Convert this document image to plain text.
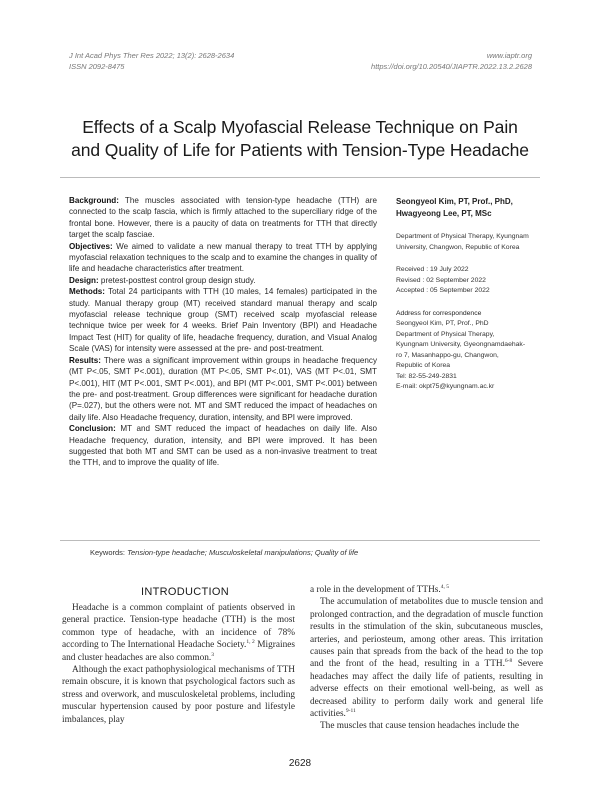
J Int Acad Phys Ther Res 2022; 13(2): 2628-2634
ISSN 2092-8475
www.iaptr.org
https://doi.org/10.20540/JIAPTR.2022.13.2.2628
Effects of a Scalp Myofascial Release Technique on Pain
and Quality of Life for Patients with Tension-Type Headache

Background: The muscles associated with tension-type headache (TTH) are connected to the scalp fascia, which is firmly attached to the superciliary ridge of the frontal bone. However, there is a paucity of data on treatments for TTH that directly target the scalp fasciae.

Objectives: We aimed to validate a new manual therapy to treat TTH by applying myofascial relaxation techniques to the scalp and to examine the changes in quality of life and headache characteristics after treatment.

Design: pretest-posttest control group design study.

Methods: Total 24 participants with TTH (10 males, 14 females) participated in the study. Manual therapy group (MT) received standard manual therapy and scalp myofascial release technique group (SMT) received scalp myofascial release technique twice per week for 4 weeks. Brief Pain Inventory (BPI) and Headache Impact Test (HIT) for quality of life, headache frequency, duration, and Visual Analog Scale (VAS) for intensity were assessed at the pre- and post-treatment.

Results: There was a significant improvement within groups in headache frequency (MT P<.05, SMT P<.001), duration (MT P<.05, SMT P<.01), VAS (MT P<.01, SMT P<.001), HIT (MT P<.001, SMT P<.001), and BPI (MT P<.001, SMT P<.001) between the pre- and post-treatment. Group differences were significant for headache duration (P=.027), but the others were not. MT and SMT reduced the impact of headaches on daily life. Also Headache frequency, duration, intensity, and BPI were improved.

Conclusion: MT and SMT reduced the impact of headaches on daily life. Also Headache frequency, duration, intensity, and BPI were improved. It has been suggested that both MT and SMT can be used as a non-invasive treatment to treat the TTH, and to improve the quality of life.

Keywords: Tension-type headache; Musculoskeletal manipulations; Quality of life
Seongyeol Kim, PT, Prof., PhD,
Hwagyeong Lee, PT, MSc
Department of Physical Therapy, Kyungnam
University, Changwon, Republic of Korea
Received : 19 July 2022
Revised : 02 September 2022
Accepted : 05 September 2022
Address for correspondence
Seongyeol Kim, PT, Prof., PhD
Department of Physical Therapy,
Kyungnam University, Gyeongnamdaehak-
ro 7, Masanhappo-gu, Changwon,
Republic of Korea
Tel: 82-55-249-2831
E-mail: okpt75@kyungnam.ac.kr
INTRODUCTION

Headache is a common complaint of patients observed in general practice. Tension-type headache (TTH) is the most common type of headache, with an incidence of 78% according to The International Headache Society.$^{1, 2}$ Migraines and cluster headaches are also common.$^3$

Although the exact pathophysiological mechanisms of TTH remain obscure, it is known that psychological factors such as stress and overwork, and musculoskeletal problems, including muscular hypertension caused by poor posture and lifestyle imbalances, play

a role in the development of TTHs.$^{4, 5}$

The accumulation of metabolites due to muscle tension and prolonged contraction, and the degradation of muscle function results in the stimulation of the skin, subcutaneous muscles, arteries, and periosteum, among other areas. This irritation causes pain that spreads from the back of the head to the top and the front of the head, resulting in a TTH.$^{6-8}$ Severe headaches may affect the daily life of patients, resulting in adverse effects on their emotional well-being, as well as decreased ability to perform daily work and general life activities.$^{9-11}$

The muscles that cause tension headaches include the

2628
